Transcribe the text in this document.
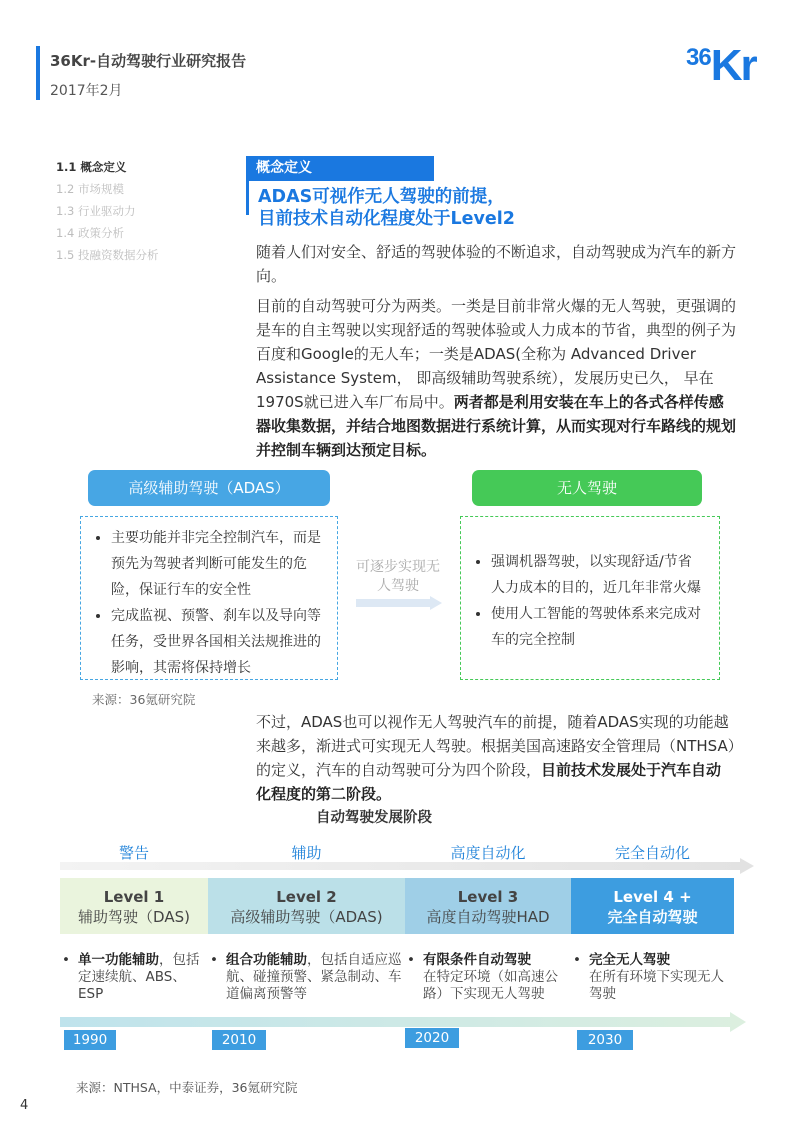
36Kr-自动驾驶行业研究报告
2017年2月
36Kr
1.1 概念定义
1.2 市场规模
1.3 行业驱动力
1.4 政策分析
1.5 投融资数据分析
概念定义
ADAS可视作无人驾驶的前提，
目前技术自动化程度处于Level2
随着人们对安全、舒适的驾驶体验的不断追求，自动驾驶成为汽车的新方向。
目前的自动驾驶可分为两类。一类是目前非常火爆的无人驾驶，更强调的是车的自主驾驶以实现舒适的驾驶体验或人力成本的节省，典型的例子为百度和Google的无人车；一类是ADAS(全称为 Advanced Driver Assistance System， 即高级辅助驾驶系统），发展历史已久， 早在1970S就已进入车厂布局中。两者都是利用安装在车上的各式各样传感器收集数据，并结合地图数据进行系统计算，从而实现对行车路线的规划并控制车辆到达预定目标。
高级辅助驾驶（ADAS）	无人驾驶
• 主要功能并非完全控制汽车，而是预先为驾驶者判断可能发生的危险，保证行车的安全性
• 完成监视、预警、刹车以及导向等任务，受世界各国相关法规推进的影响，其需将保持增长
可逐步实现无人驾驶
• 强调机器驾驶，以实现舒适/节省人力成本的目的，近几年非常火爆
• 使用人工智能的驾驶体系来完成对车的完全控制
来源：36氪研究院
不过，ADAS也可以视作无人驾驶汽车的前提，随着ADAS实现的功能越来越多，渐进式可实现无人驾驶。根据美国高速路安全管理局（NTHSA）的定义，汽车的自动驾驶可分为四个阶段，目前技术发展处于汽车自动化程度的第二阶段。
自动驾驶发展阶段
警告	辅助	高度自动化	完全自动化
Level 1
辅助驾驶（DAS)
Level 2
高级辅助驾驶（ADAS)
Level 3
高度自动驾驶HAD
Level 4 +
完全自动驾驶
• 单一功能辅助，包括定速续航、ABS、ESP
• 组合功能辅助，包括自适应巡航、碰撞预警、紧急制动、车道偏离预警等
• 有限条件自动驾驶
在特定环境（如高速公路）下实现无人驾驶
• 完全无人驾驶
在所有环境下实现无人驾驶
1990	2010	2020	2030
来源：NTHSA，中泰证券，36氪研究院
4
